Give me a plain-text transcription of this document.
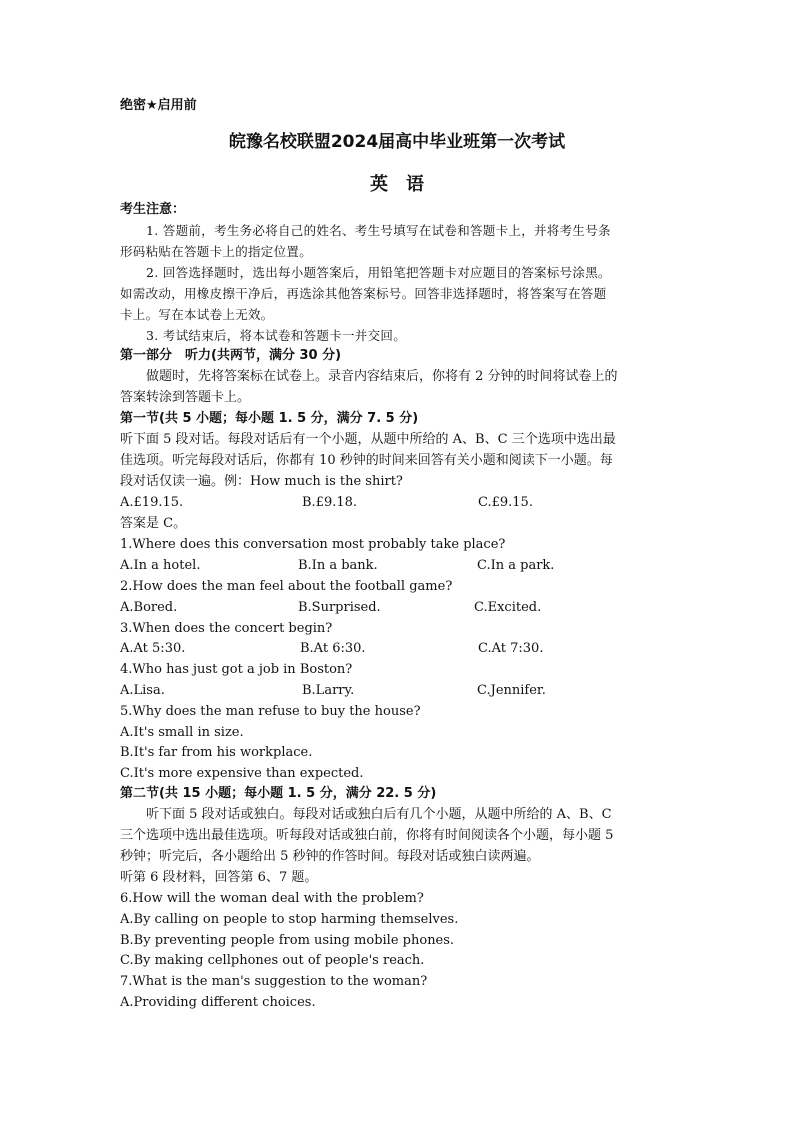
绝密★启用前
皖豫名校联盟2024届高中毕业班第一次考试
英　语
考生注意：
1. 答题前，考生务必将自己的姓名、考生号填写在试卷和答题卡上，并将考生号条
形码粘贴在答题卡上的指定位置。
2. 回答选择题时，选出每小题答案后，用铅笔把答题卡对应题目的答案标号涂黑。
如需改动，用橡皮擦干净后，再选涂其他答案标号。回答非选择题时，将答案写在答题
卡上。写在本试卷上无效。
3. 考试结束后，将本试卷和答题卡一并交回。
第一部分　听力(共两节，满分 30 分)
做题时，先将答案标在试卷上。录音内容结束后，你将有 2 分钟的时间将试卷上的
答案转涂到答题卡上。
第一节(共 5 小题；每小题 1. 5 分，满分 7. 5 分)
听下面 5 段对话。每段对话后有一个小题，从题中所给的 A、B、C 三个选项中选出最
佳选项。听完每段对话后，你都有 10 秒钟的时间来回答有关小题和阅读下一小题。每
段对话仅读一遍。例：How much is the shirt?
A.£19.15.	B.£9.18.	C.£9.15.
答案是 C。
1.Where does this conversation most probably take place?
A.In a hotel.	B.In a bank.	C.In a park.
2.How does the man feel about the football game?
A.Bored.	B.Surprised.	C.Excited.
3.When does the concert begin?
A.At 5:30.	B.At 6:30.	C.At 7:30.
4.Who has just got a job in Boston?
A.Lisa.	B.Larry.	C.Jennifer.
5.Why does the man refuse to buy the house?
A.It's small in size.
B.It's far from his workplace.
C.It's more expensive than expected.
第二节(共 15 小题；每小题 1. 5 分，满分 22. 5 分)
听下面 5 段对话或独白。每段对话或独白后有几个小题，从题中所给的 A、B、C
三个选项中选出最佳选项。听每段对话或独白前，你将有时间阅读各个小题，每小题 5
秒钟；听完后，各小题给出 5 秒钟的作答时间。每段对话或独白读两遍。
听第 6 段材料，回答第 6、7 题。
6.How will the woman deal with the problem?
A.By calling on people to stop harming themselves.
B.By preventing people from using mobile phones.
C.By making cellphones out of people's reach.
7.What is the man's suggestion to the woman?
A.Providing different choices.
